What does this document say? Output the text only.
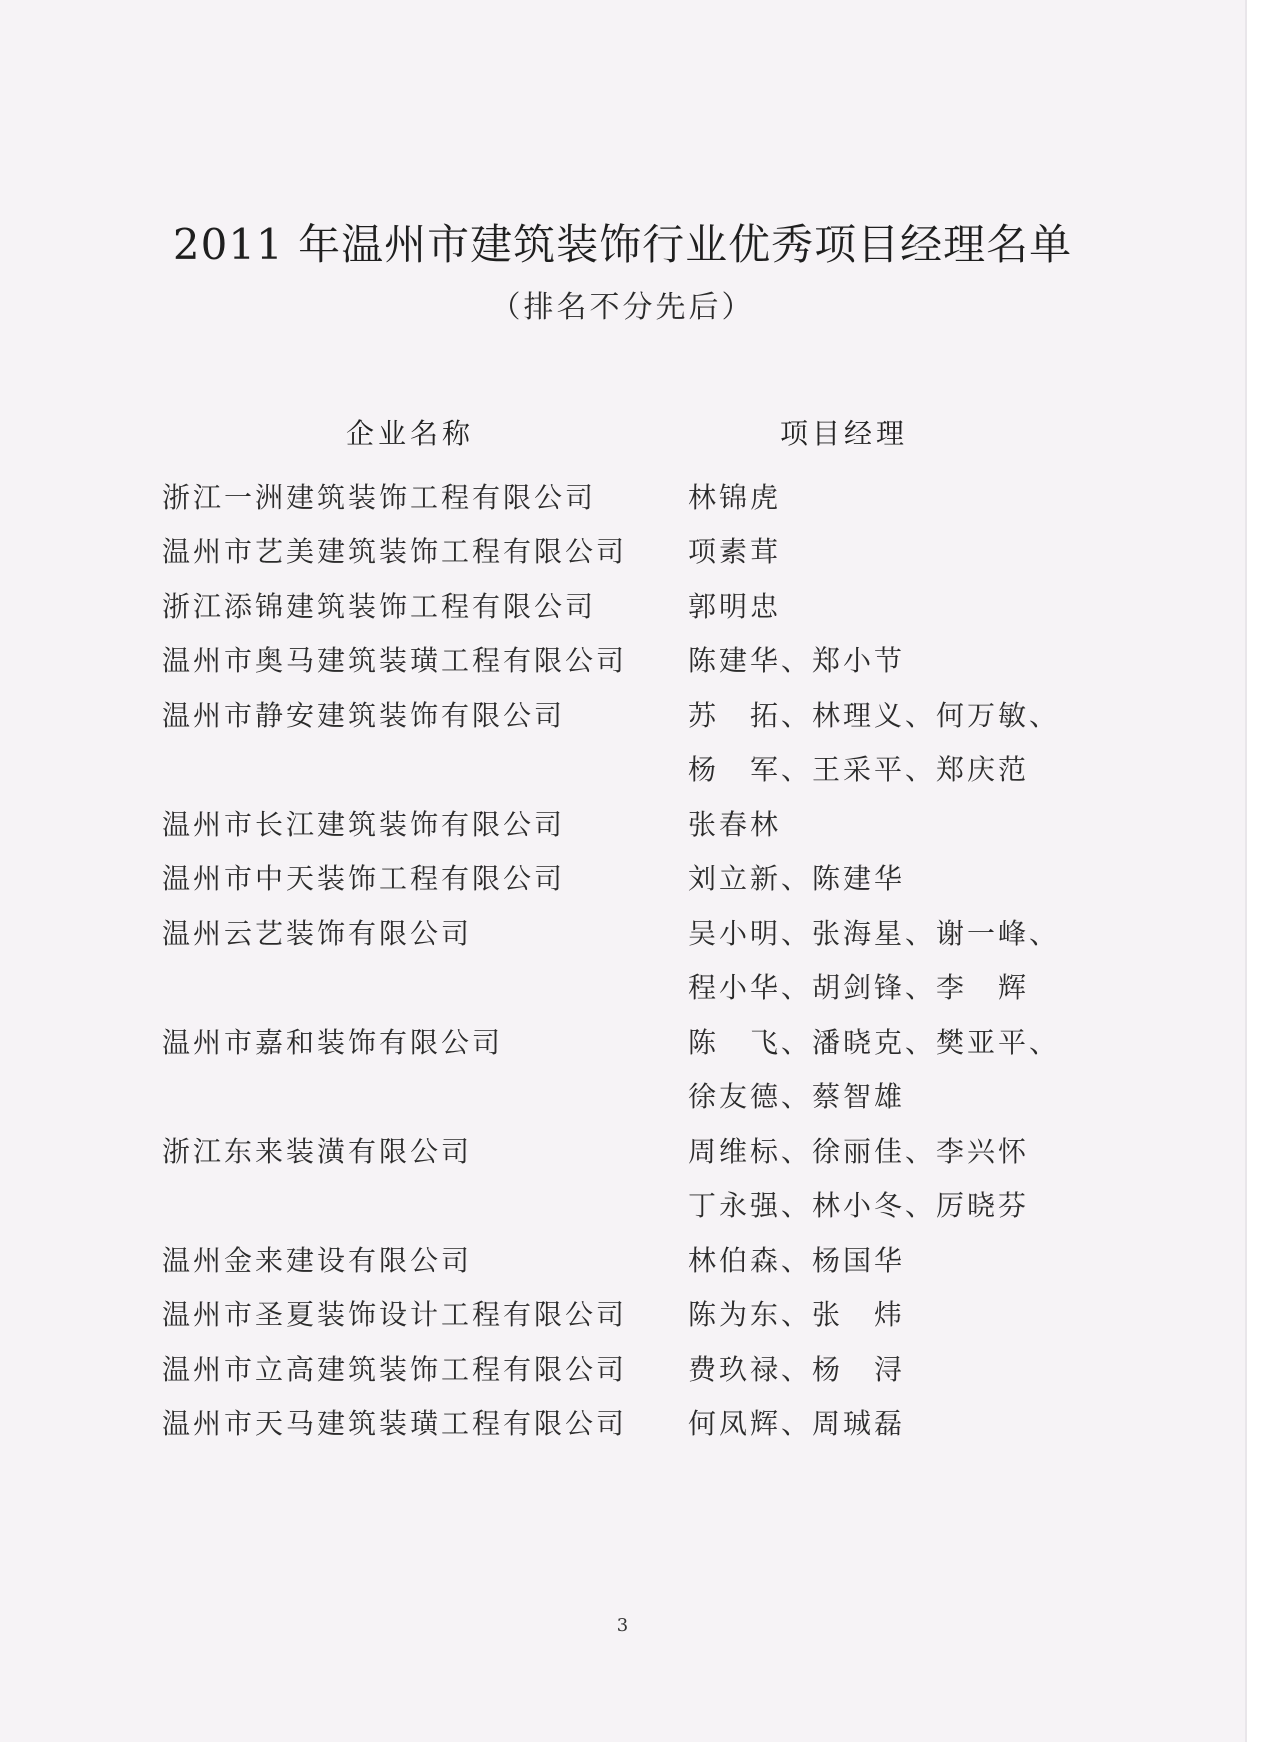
2011 年温州市建筑装饰行业优秀项目经理名单
（排名不分先后）
企业名称	项目经理
浙江一洲建筑装饰工程有限公司	林锦虎
温州市艺美建筑装饰工程有限公司 项素茸
浙江添锦建筑装饰工程有限公司	郭明忠
温州市奥马建筑装璜工程有限公司 陈建华、郑小节
温州市静安建筑装饰有限公司	苏　拓、林理义、何万敏、
杨　军、王采平、郑庆范
温州市长江建筑装饰有限公司	张春林
温州市中天装饰工程有限公司	刘立新、陈建华
温州云艺装饰有限公司	吴小明、张海星、谢一峰、
程小华、胡剑锋、李　辉
温州市嘉和装饰有限公司	陈　飞、潘晓克、樊亚平、
徐友德、蔡智雄
浙江东来装潢有限公司	周维标、徐丽佳、李兴怀
丁永强、林小冬、厉晓芬
温州金来建设有限公司	林伯森、杨国华
温州市圣夏装饰设计工程有限公司 陈为东、张　炜
温州市立高建筑装饰工程有限公司 费玖禄、杨　浔
温州市天马建筑装璜工程有限公司 何凤辉、周珹磊
3
